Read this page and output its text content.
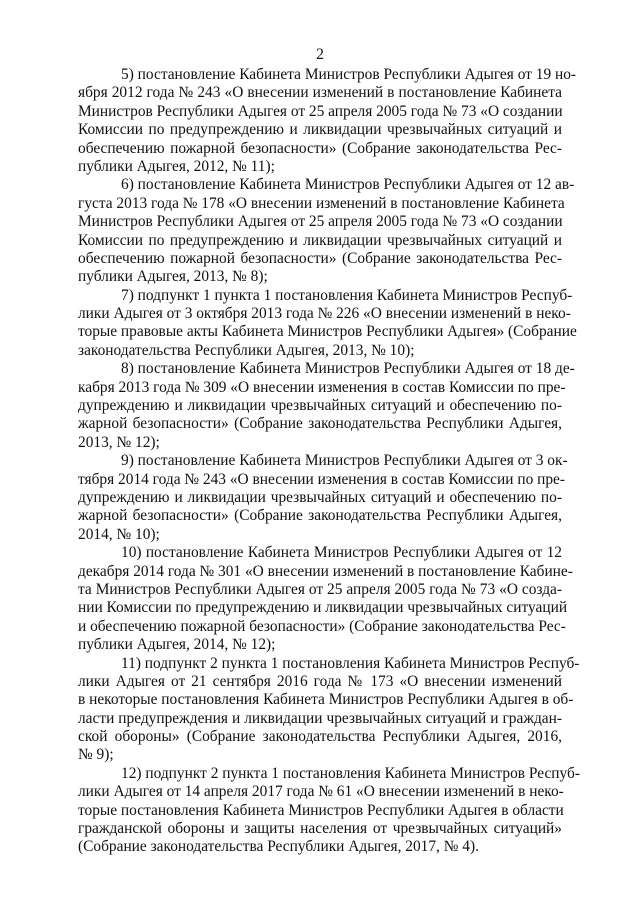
2
5) постановление Кабинета Министров Республики Адыгея от 19 но-
ября 2012 года № 243 «О внесении изменений в постановление Кабинета
Министров Республики Адыгея от 25 апреля 2005 года № 73 «О создании
Комиссии по предупреждению и ликвидации чрезвычайных ситуаций и
обеспечению пожарной безопасности» (Собрание законодательства Рес-
публики Адыгея, 2012, № 11);
6) постановление Кабинета Министров Республики Адыгея от 12 ав-
густа 2013 года № 178 «О внесении изменений в постановление Кабинета
Министров Республики Адыгея от 25 апреля 2005 года № 73 «О создании
Комиссии по предупреждению и ликвидации чрезвычайных ситуаций и
обеспечению пожарной безопасности» (Собрание законодательства Рес-
публики Адыгея, 2013, № 8);
7) подпункт 1 пункта 1 постановления Кабинета Министров Респуб-
лики Адыгея от 3 октября 2013 года № 226 «О внесении изменений в неко-
торые правовые акты Кабинета Министров Республики Адыгея» (Собрание
законодательства Республики Адыгея, 2013, № 10);
8) постановление Кабинета Министров Республики Адыгея от 18 де-
кабря 2013 года № 309 «О внесении изменения в состав Комиссии по пре-
дупреждению и ликвидации чрезвычайных ситуаций и обеспечению по-
жарной безопасности» (Собрание законодательства Республики Адыгея,
2013, № 12);
9) постановление Кабинета Министров Республики Адыгея от 3 ок-
тября 2014 года № 243 «О внесении изменения в состав Комиссии по пре-
дупреждению и ликвидации чрезвычайных ситуаций и обеспечению по-
жарной безопасности» (Собрание законодательства Республики Адыгея,
2014, № 10);
10) постановление Кабинета Министров Республики Адыгея от 12
декабря 2014 года № 301 «О внесении изменений в постановление Кабине-
та Министров Республики Адыгея от 25 апреля 2005 года № 73 «О созда-
нии Комиссии по предупреждению и ликвидации чрезвычайных ситуаций
и обеспечению пожарной безопасности» (Собрание законодательства Рес-
публики Адыгея, 2014, № 12);
11) подпункт 2 пункта 1 постановления Кабинета Министров Респуб-
лики Адыгея от 21 сентября 2016 года № 173 «О внесении изменений
в некоторые постановления Кабинета Министров Республики Адыгея в об-
ласти предупреждения и ликвидации чрезвычайных ситуаций и граждан-
ской обороны» (Собрание законодательства Республики Адыгея, 2016,
№ 9);
12) подпункт 2 пункта 1 постановления Кабинета Министров Респуб-
лики Адыгея от 14 апреля 2017 года № 61 «О внесении изменений в неко-
торые постановления Кабинета Министров Республики Адыгея в области
гражданской обороны и защиты населения от чрезвычайных ситуаций»
(Собрание законодательства Республики Адыгея, 2017, № 4).
